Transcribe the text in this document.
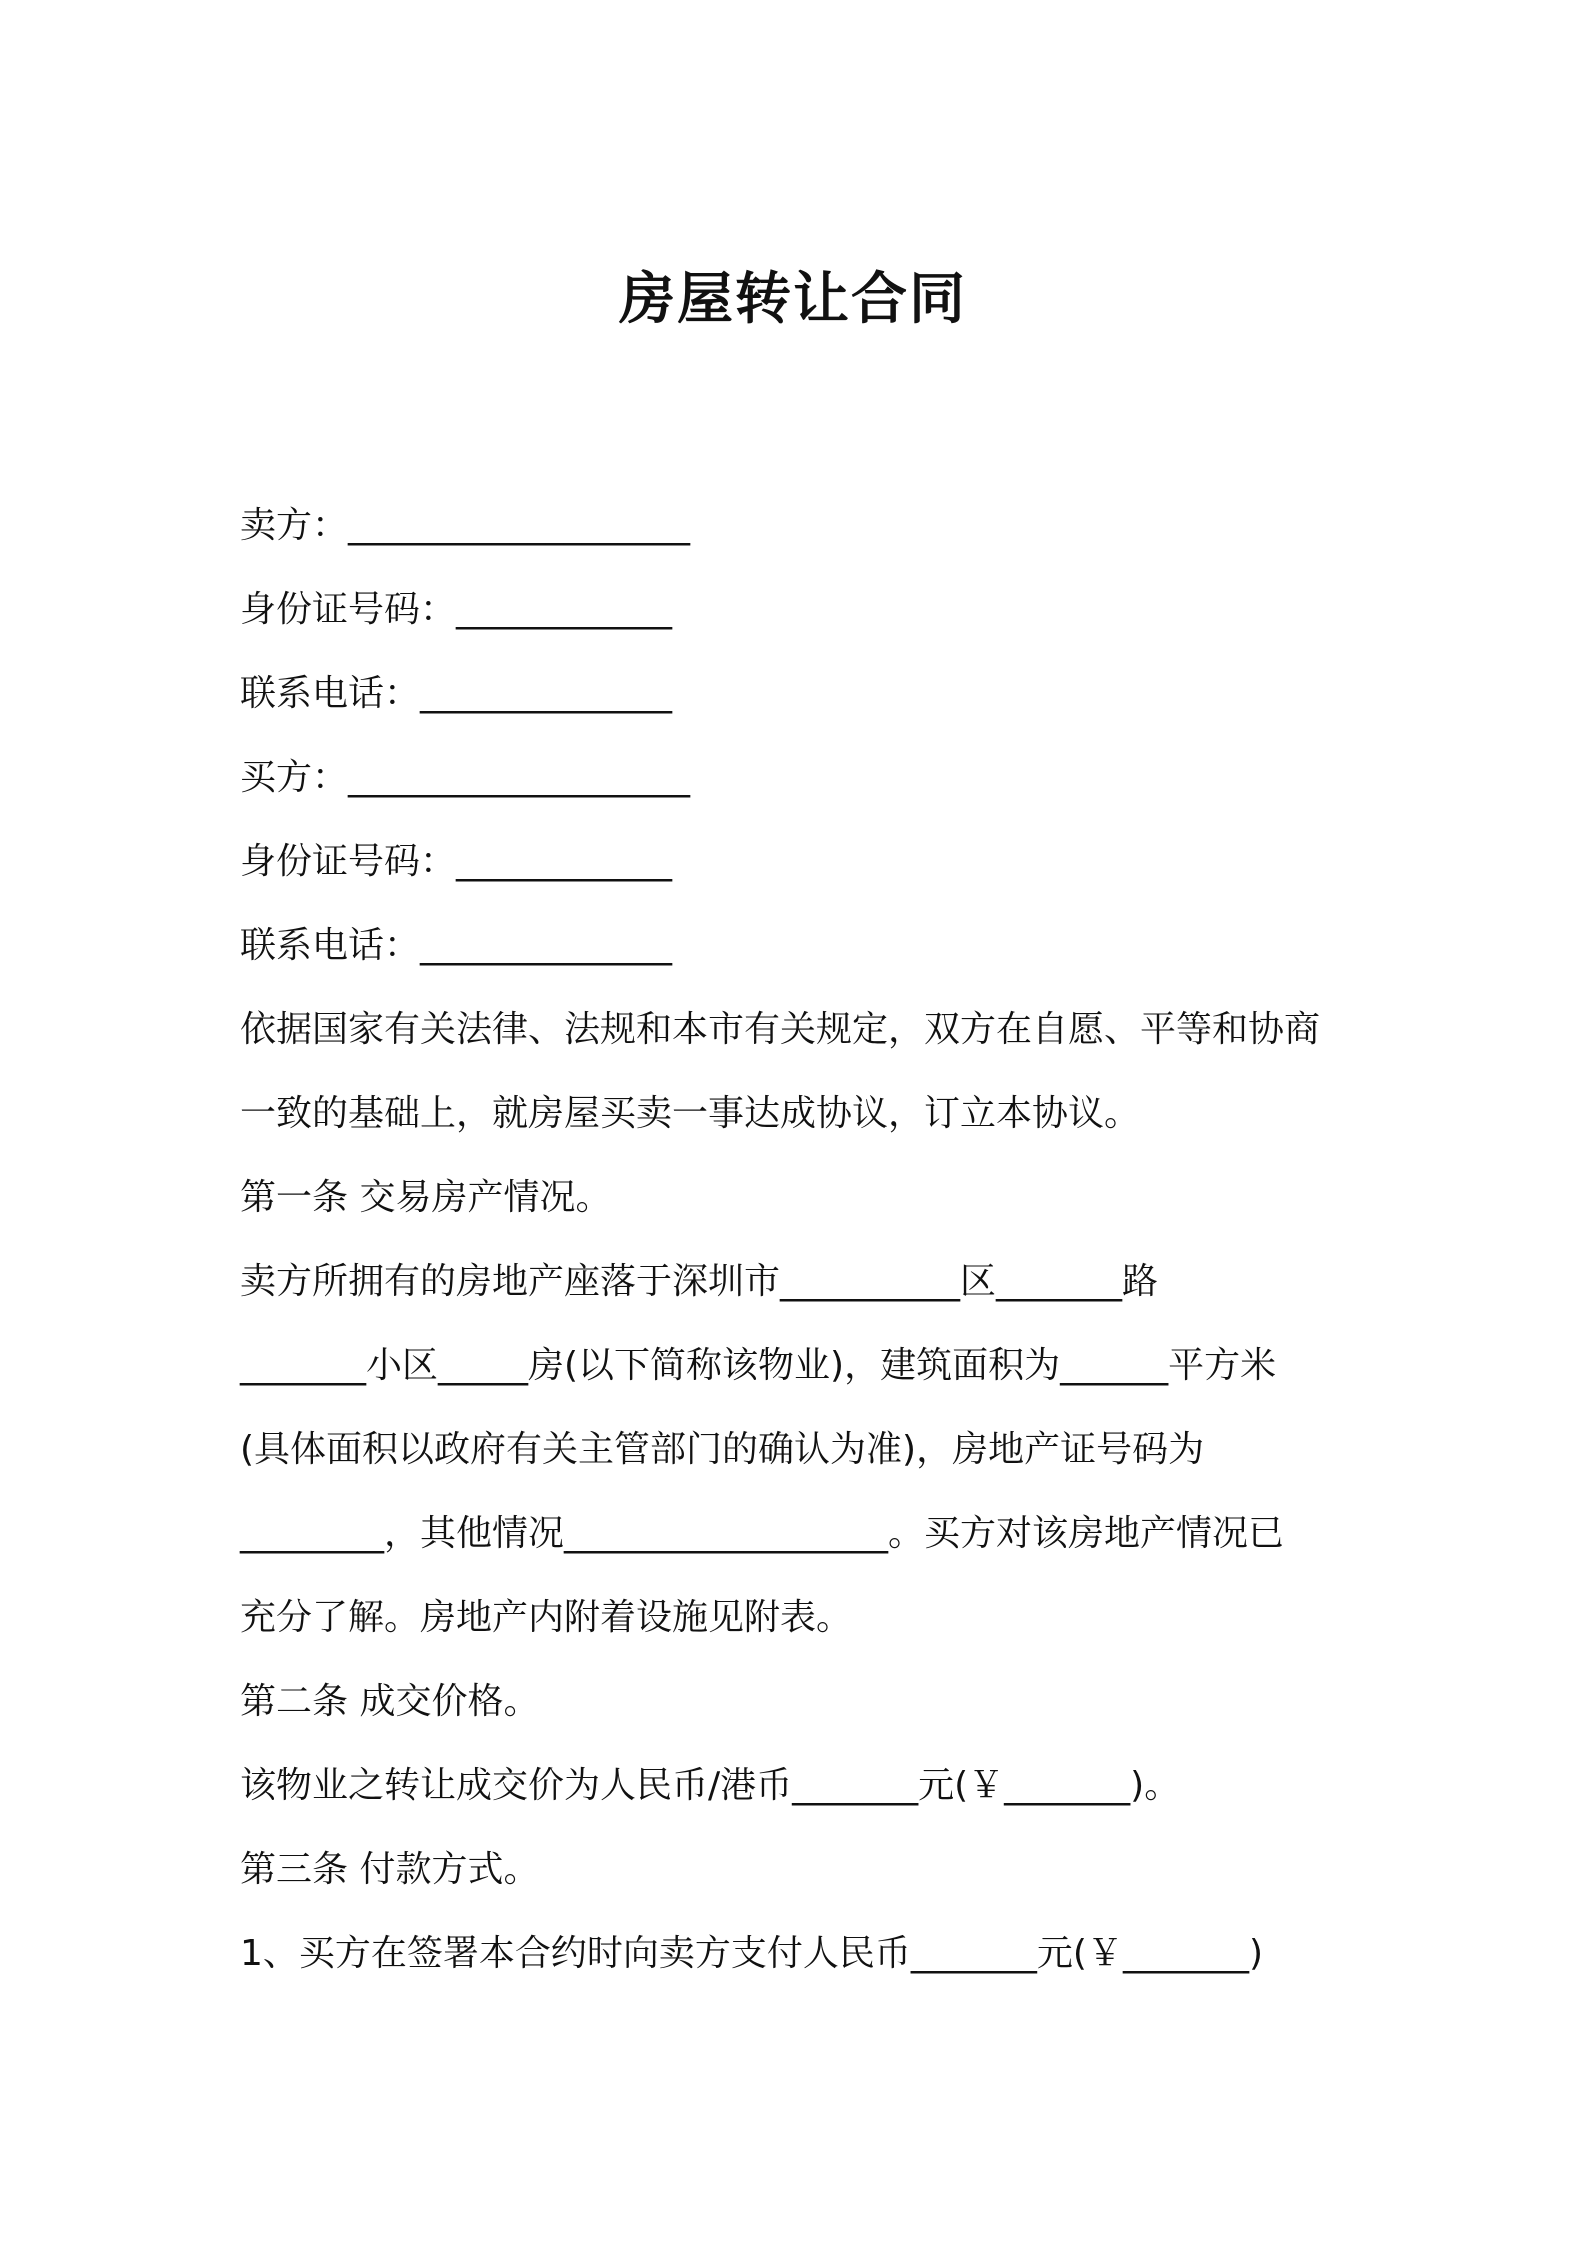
房屋转让合同
卖方：___________________
身份证号码：____________
联系电话：______________
买方：___________________
身份证号码：____________
联系电话：______________
依据国家有关法律、法规和本市有关规定，双方在自愿、平等和协商
一致的基础上，就房屋买卖一事达成协议，订立本协议。
第一条 交易房产情况。
卖方所拥有的房地产座落于深圳市__________区_______路
_______小区_____房(以下简称该物业)，建筑面积为______平方米
(具体面积以政府有关主管部门的确认为准)，房地产证号码为
________，其他情况__________________。买方对该房地产情况已
充分了解。房地产内附着设施见附表。
第二条 成交价格。
该物业之转让成交价为人民币/港币_______元(￥_______)。
第三条 付款方式。
1、买方在签署本合约时向卖方支付人民币_______元(￥_______)
